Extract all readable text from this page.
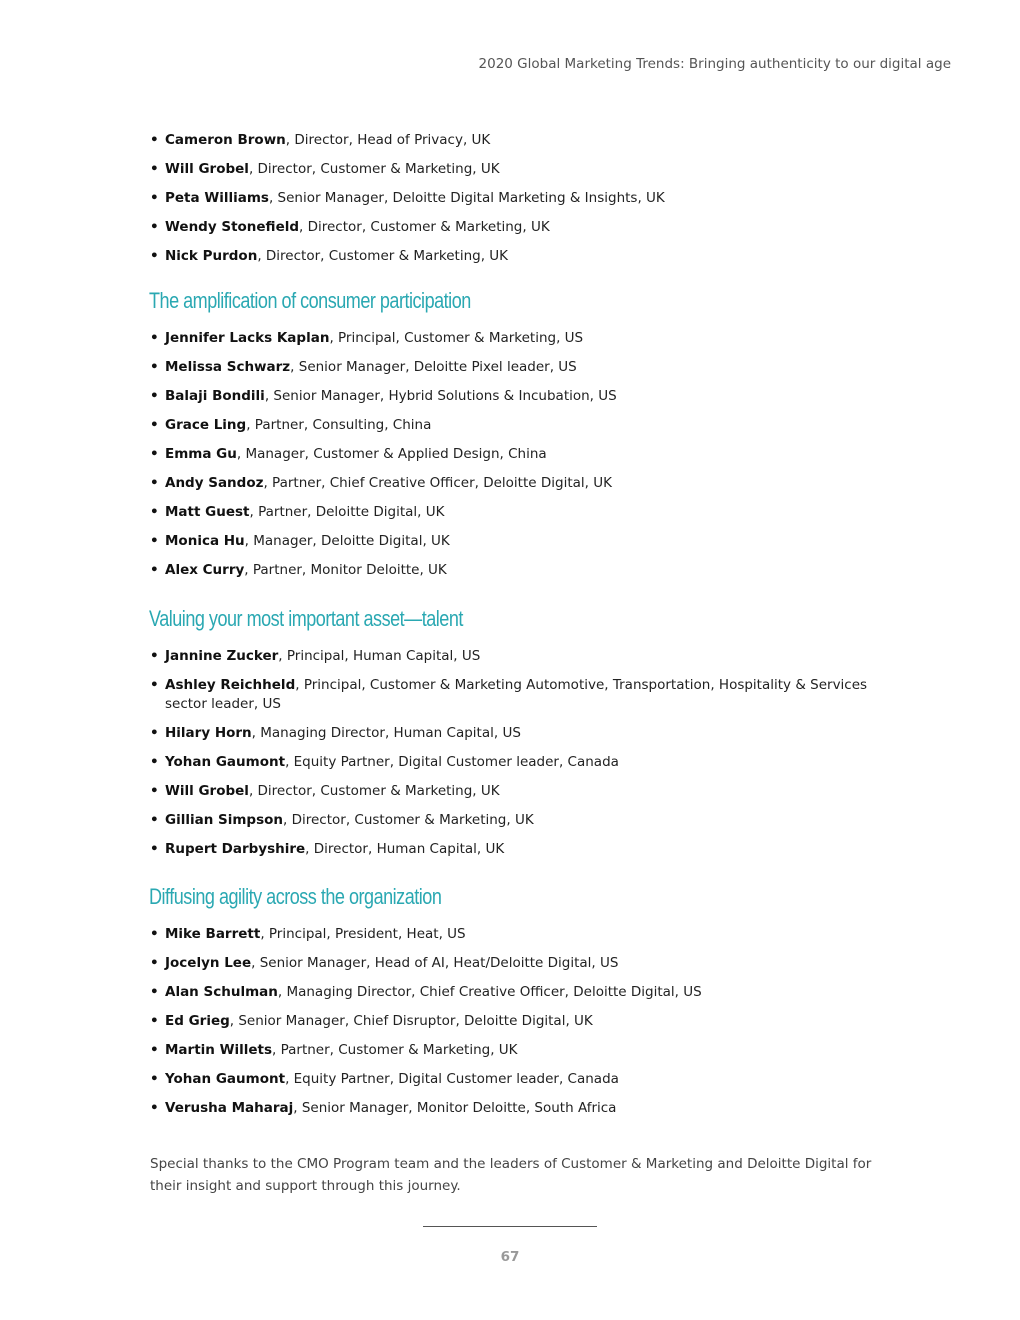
2020 Global Marketing Trends: Bringing authenticity to our digital age
• Cameron Brown, Director, Head of Privacy, UK
• Will Grobel, Director, Customer & Marketing, UK
• Peta Williams, Senior Manager, Deloitte Digital Marketing & Insights, UK
• Wendy Stonefield, Director, Customer & Marketing, UK
• Nick Purdon, Director, Customer & Marketing, UK
The amplification of consumer participation
• Jennifer Lacks Kaplan, Principal, Customer & Marketing, US
• Melissa Schwarz, Senior Manager, Deloitte Pixel leader, US
• Balaji Bondili, Senior Manager, Hybrid Solutions & Incubation, US
• Grace Ling, Partner, Consulting, China
• Emma Gu, Manager, Customer & Applied Design, China
• Andy Sandoz, Partner, Chief Creative Officer, Deloitte Digital, UK
• Matt Guest, Partner, Deloitte Digital, UK
• Monica Hu, Manager, Deloitte Digital, UK
• Alex Curry, Partner, Monitor Deloitte, UK
Valuing your most important asset—talent
• Jannine Zucker, Principal, Human Capital, US
• Ashley Reichheld, Principal, Customer & Marketing Automotive, Transportation, Hospitality & Services sector leader, US
• Hilary Horn, Managing Director, Human Capital, US
• Yohan Gaumont, Equity Partner, Digital Customer leader, Canada
• Will Grobel, Director, Customer & Marketing, UK
• Gillian Simpson, Director, Customer & Marketing, UK
• Rupert Darbyshire, Director, Human Capital, UK
Diffusing agility across the organization
• Mike Barrett, Principal, President, Heat, US
• Jocelyn Lee, Senior Manager, Head of AI, Heat/Deloitte Digital, US
• Alan Schulman, Managing Director, Chief Creative Officer, Deloitte Digital, US
• Ed Grieg, Senior Manager, Chief Disruptor, Deloitte Digital, UK
• Martin Willets, Partner, Customer & Marketing, UK
• Yohan Gaumont, Equity Partner, Digital Customer leader, Canada
• Verusha Maharaj, Senior Manager, Monitor Deloitte, South Africa

Special thanks to the CMO Program team and the leaders of Customer & Marketing and Deloitte Digital for their insight and support through this journey.

67
